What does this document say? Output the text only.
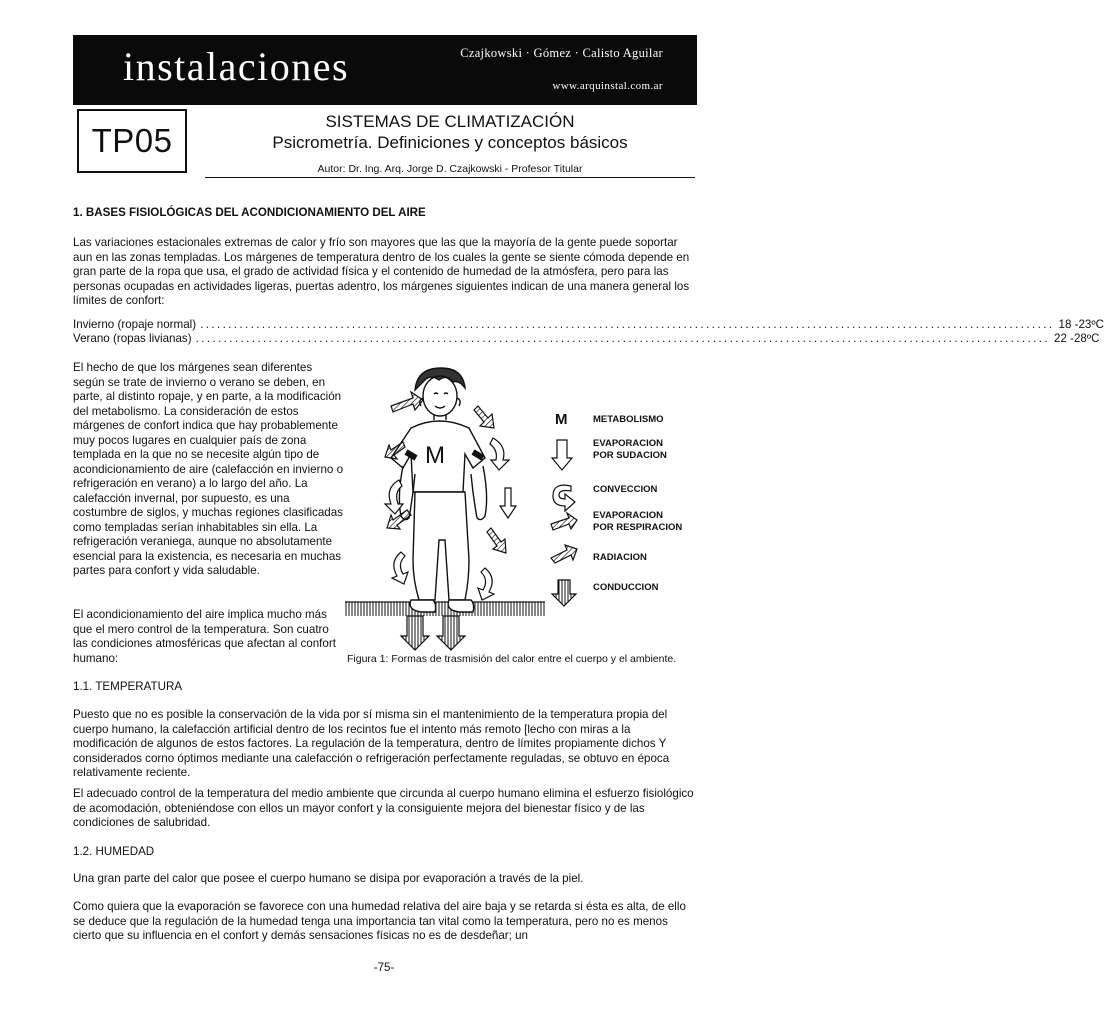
instalaciones	Czajkowski · Gómez · Calisto Aguilar
www.arquinstal.com.ar
TP05
SISTEMAS DE CLIMATIZACIÓN
Psicrometría. Definiciones y conceptos básicos
Autor: Dr. Ing. Arq. Jorge D. Czajkowski - Profesor Titular
1. BASES FISIOLÓGICAS DEL ACONDICIONAMIENTO DEL AIRE
Las variaciones estacionales extremas de calor y frío son mayores que las que la mayoría de la gente puede soportar aun en las zonas templadas. Los márgenes de temperatura dentro de los cuales la gente se siente cómoda depende en gran parte de la ropa que usa, el grado de actividad física y el contenido de humedad de la atmósfera, pero para las personas ocupadas en actividades ligeras, puertas adentro, los márgenes siguientes indican de una manera general los límites de confort:
Invierno (ropaje normal) ........................................................................................................................................................ 18 -23ºC
Verano (ropas livianas) ........................................................................................................................................................ 22 -28ºC
El hecho de que los márgenes sean diferentes según se trate de invierno o verano se deben, en parte, al distinto ropaje, y en parte, a la modificación del metabolismo. La consideración de estos márgenes de confort indica que hay probablemente muy pocos lugares en cualquier país de zona templada en la que no se necesite algún tipo de acondicionamiento de aire (calefacción en invierno o refrigeración en verano) a lo largo del año. La calefacción invernal, por supuesto, es una costumbre de siglos, y muchas regiones clasificadas como templadas serían inhabitables sin ella. La refrigeración veraniega, aunque no absolutamente esencial para la existencia, es necesaria en muchas partes para confort y vida saludable.
El acondicionamiento del aire implica mucho más que el mero control de la temperatura. Son cuatro las condiciones atmosféricas que afectan al confort humano:
M
M	METABOLISMO
EVAPORACION
POR SUDACION
CONVECCION
EVAPORACION
POR RESPIRACION
RADIACION
CONDUCCION
Figura 1: Formas de trasmisión del calor entre el cuerpo y el ambiente.
1.1. TEMPERATURA
Puesto que no es posible la conservación de la vida por sí misma sin el mantenimiento de la temperatura propia del cuerpo humano, la calefacción artificial dentro de los recintos fue el intento más remoto [lecho con miras a la modificación de algunos de estos factores. La regulación de la temperatura, dentro de límites propiamente dichos Y considerados corno óptimos mediante una calefacción o refrigeración perfectamente reguladas, se obtuvo en época relativamente reciente.
El adecuado control de la temperatura del medio ambiente que circunda al cuerpo humano elimina el esfuerzo fisiológico de acomodación, obteniéndose con ellos un mayor confort y la consiguiente mejora del bienestar físico y de las condiciones de salubridad.
1.2. HUMEDAD
Una gran parte del calor que posee el cuerpo humano se disipa por evaporación a través de la piel.
Como quiera que la evaporación se favorece con una humedad relativa del aire baja y se retarda si ésta es alta, de ello se deduce que la regulación de la humedad tenga una importancia tan vital como la temperatura, pero no es menos cierto que su influencia en el confort y demás sensaciones físicas no es de desdeñar; un
-75-
